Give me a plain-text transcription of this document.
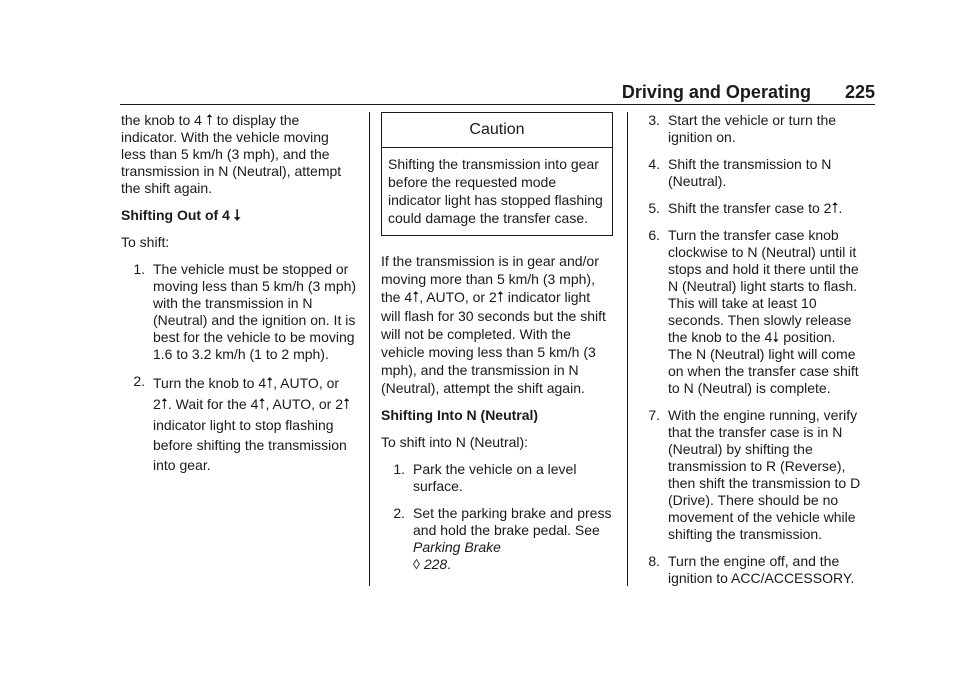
Driving and Operating 225

the knob to 4 ⭡ to display the indicator. With the vehicle moving less than 5 km/h (3 mph), and the transmission in N (Neutral), attempt the shift again.

Shifting Out of 4 ⭣

To shift:

1. The vehicle must be stopped or moving less than 5 km/h (3 mph) with the transmission in N (Neutral) and the ignition on. It is best for the vehicle to be moving 1.6 to 3.2 km/h (1 to 2 mph).
2. Turn the knob to 4⭡, AUTO, or 2⭡. Wait for the 4⭡, AUTO, or 2⭡ indicator light to stop flashing before shifting the transmission into gear.
Caution
Shifting the transmission into gear before the requested mode indicator light has stopped flashing could damage the transfer case.

If the transmission is in gear and/or moving more than 5 km/h (3 mph), the 4⭡, AUTO, or 2⭡ indicator light will flash for 30 seconds but the shift will not be completed. With the vehicle moving less than 5 km/h (3 mph), and the transmission in N (Neutral), attempt the shift again.

Shifting Into N (Neutral)

To shift into N (Neutral):

1. Park the vehicle on a level surface.
2. Set the parking brake and press and hold the brake pedal. See Parking Brake
◊ 228.
3. Start the vehicle or turn the ignition on.
4. Shift the transmission to N (Neutral).
5. Shift the transfer case to 2⭡.
6. Turn the transfer case knob clockwise to N (Neutral) until it stops and hold it there until the N (Neutral) light starts to flash. This will take at least 10 seconds. Then slowly release the knob to the 4⭣ position. The N (Neutral) light will come on when the transfer case shift to N (Neutral) is complete.
7. With the engine running, verify that the transfer case is in N (Neutral) by shifting the transmission to R (Reverse), then shift the transmission to D (Drive). There should be no movement of the vehicle while shifting the transmission.
8. Turn the engine off, and the ignition to ACC/ACCESSORY.
